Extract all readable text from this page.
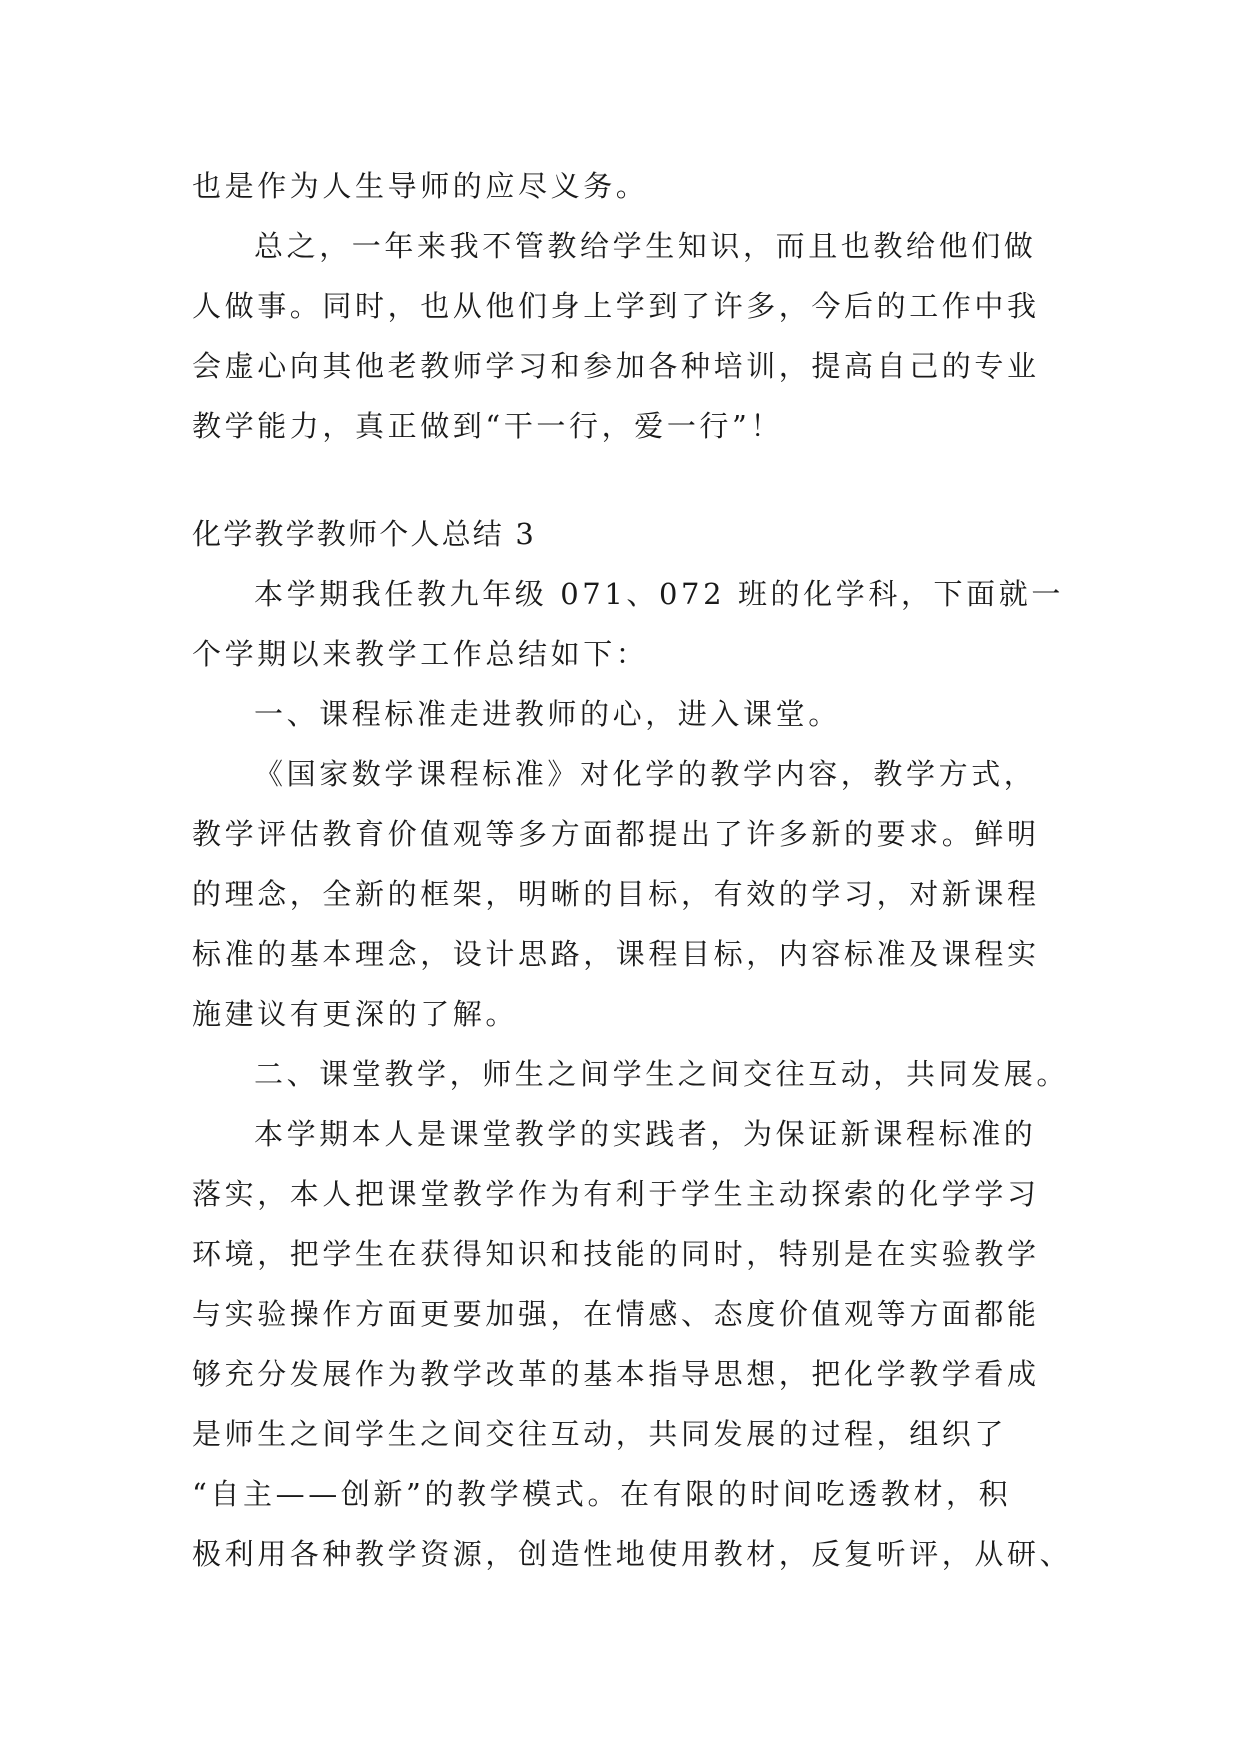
也是作为人生导师的应尽义务。
总之，一年来我不管教给学生知识，而且也教给他们做
人做事。同时，也从他们身上学到了许多，今后的工作中我
会虚心向其他老教师学习和参加各种培训，提高自己的专业
教学能力，真正做到“干一行，爱一行”！
化学教学教师个人总结 3
本学期我任教九年级 071、072 班的化学科，下面就一
个学期以来教学工作总结如下：
一、课程标准走进教师的心，进入课堂。
《国家数学课程标准》对化学的教学内容，教学方式，
教学评估教育价值观等多方面都提出了许多新的要求。鲜明
的理念，全新的框架，明晰的目标，有效的学习，对新课程
标准的基本理念，设计思路，课程目标，内容标准及课程实
施建议有更深的了解。
二、课堂教学，师生之间学生之间交往互动，共同发展。
本学期本人是课堂教学的实践者，为保证新课程标准的
落实，本人把课堂教学作为有利于学生主动探索的化学学习
环境，把学生在获得知识和技能的同时，特别是在实验教学
与实验操作方面更要加强，在情感、态度价值观等方面都能
够充分发展作为教学改革的基本指导思想，把化学教学看成
是师生之间学生之间交往互动，共同发展的过程，组织了
“自主——创新”的教学模式。在有限的时间吃透教材，积
极利用各种教学资源，创造性地使用教材，反复听评，从研、
